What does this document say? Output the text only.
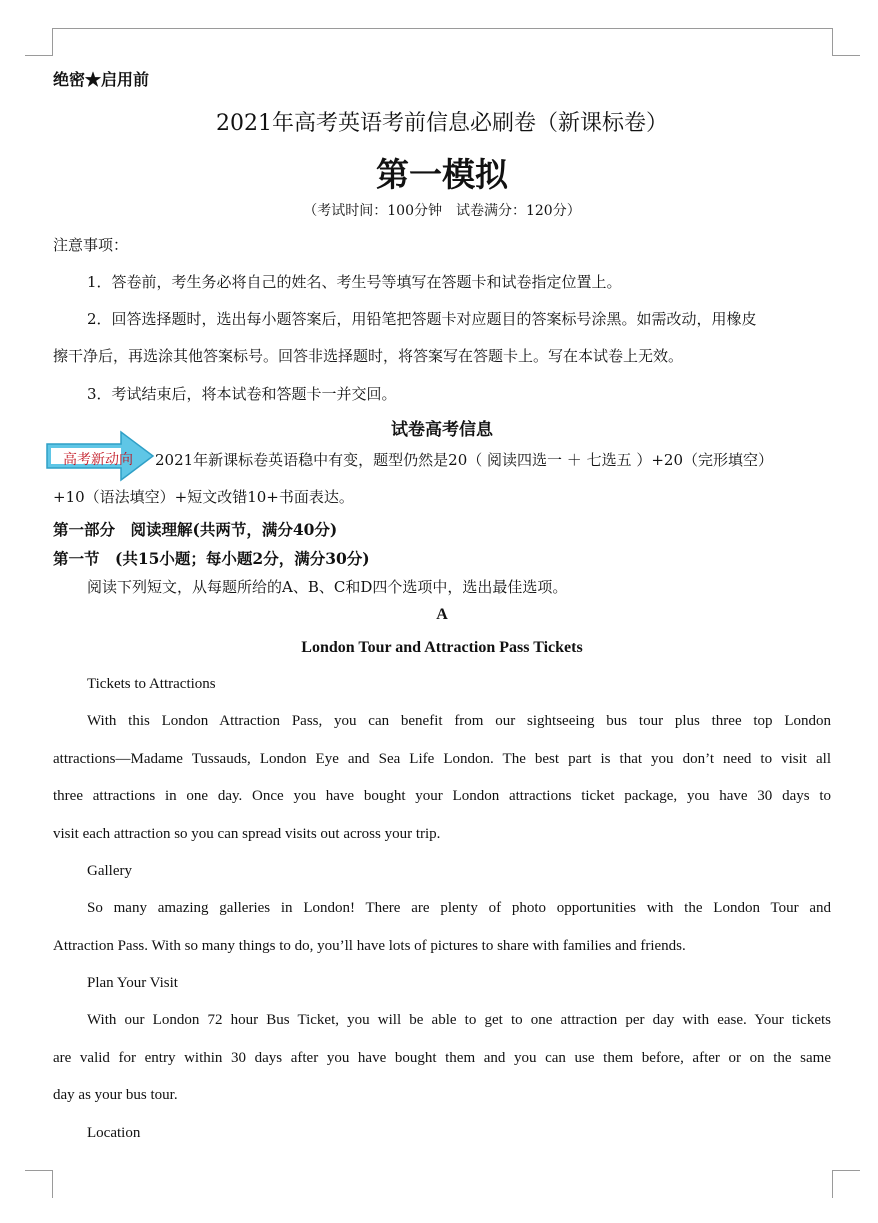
绝密★启用前
2021年高考英语考前信息必刷卷（新课标卷）
第一模拟
（考试时间：100分钟　试卷满分：120分）
注意事项：
1．答卷前，考生务必将自己的姓名、考生号等填写在答题卡和试卷指定位置上。
2．回答选择题时，选出每小题答案后，用铅笔把答题卡对应题目的答案标号涂黑。如需改动，用橡皮
擦干净后，再选涂其他答案标号。回答非选择题时，将答案写在答题卡上。写在本试卷上无效。
3．考试结束后，将本试卷和答题卡一并交回。
试卷高考信息
高考新动向	2021年新课标卷英语稳中有变，题型仍然是20（ 阅读四选一 ＋ 七选五 ）+20（完形填空）
+10（语法填空）+短文改错10+书面表达。
第一部分　阅读理解(共两节，满分40分)
第一节　(共15小题；每小题2分，满分30分)
阅读下列短文，从每题所给的A、B、C和D四个选项中，选出最佳选项。
A
London Tour and Attraction Pass Tickets
Tickets to Attractions
With this London Attraction Pass, you can benefit from our sightseeing bus tour plus three top London
attractions—Madame Tussauds, London Eye and Sea Life London. The best part is that you don’t need to visit all
three attractions in one day. Once you have bought your London attractions ticket package, you have 30 days to
visit each attraction so you can spread visits out across your trip.
Gallery
So many amazing galleries in London! There are plenty of photo opportunities with the London Tour and
Attraction Pass. With so many things to do, you’ll have lots of pictures to share with families and friends.
Plan Your Visit
With our London 72 hour Bus Ticket, you will be able to get to one attraction per day with ease. Your tickets
are valid for entry within 30 days after you have bought them and you can use them before, after or on the same
day as your bus tour.
Location
